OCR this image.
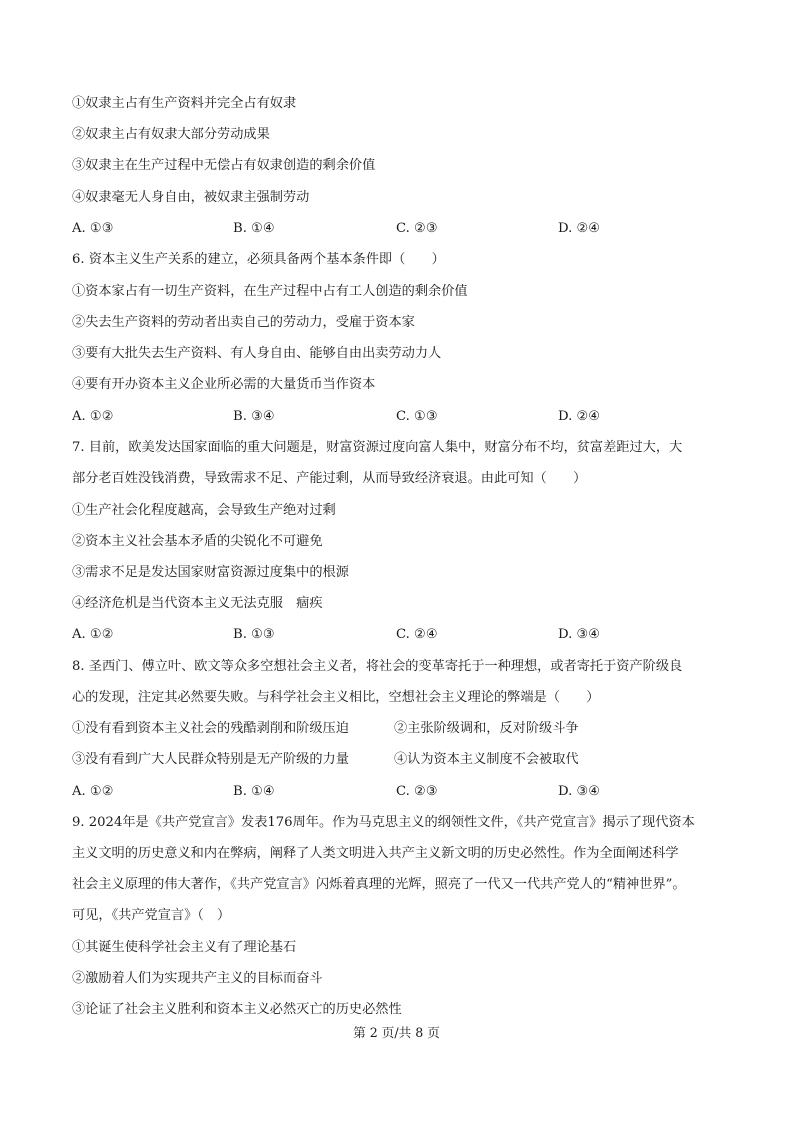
①奴隶主占有生产资料并完全占有奴隶
②奴隶主占有奴隶大部分劳动成果
③奴隶主在生产过程中无偿占有奴隶创造的剩余价值
④奴隶毫无人身自由，被奴隶主强制劳动
A. ①③	B. ①④	C. ②③	D. ②④
6. 资本主义生产关系的建立，必须具备两个基本条件即（　　）
①资本家占有一切生产资料，在生产过程中占有工人创造的剩余价值
②失去生产资料的劳动者出卖自己的劳动力，受雇于资本家
③要有大批失去生产资料、有人身自由、能够自由出卖劳动力人
④要有开办资本主义企业所必需的大量货币当作资本
A. ①②	B. ③④	C. ①③	D. ②④
7. 目前，欧美发达国家面临的重大问题是，财富资源过度向富人集中，财富分布不均，贫富差距过大，大
部分老百姓没钱消费，导致需求不足、产能过剩，从而导致经济衰退。由此可知（　　）
①生产社会化程度越高，会导致生产绝对过剩
②资本主义社会基本矛盾的尖锐化不可避免
③需求不足是发达国家财富资源过度集中的根源
④经济危机是当代资本主义无法克服　痼疾
A. ①②	B. ①③	C. ②④	D. ③④
8. 圣西门、傅立叶、欧文等众多空想社会主义者，将社会的变革寄托于一种理想，或者寄托于资产阶级良
心的发现，注定其必然要失败。与科学社会主义相比，空想社会主义理论的弊端是（　　）
①没有看到资本主义社会的残酷剥削和阶级压迫	②主张阶级调和，反对阶级斗争
③没有看到广大人民群众特别是无产阶级的力量	④认为资本主义制度不会被取代
A. ①②	B. ①④	C. ②③	D. ③④
9. 2024年是《共产党宣言》发表176周年。作为马克思主义的纲领性文件，《共产党宣言》揭示了现代资本
主义文明的历史意义和内在弊病，阐释了人类文明进入共产主义新文明的历史必然性。作为全面阐述科学
社会主义原理的伟大著作，《共产党宣言》闪烁着真理的光辉，照亮了一代又一代共产党人的“精神世界”。
可见，《共产党宣言》（　）
①其诞生使科学社会主义有了理论基石
②激励着人们为实现共产主义的目标而奋斗
③论证了社会主义胜利和资本主义必然灭亡的历史必然性
第 2 页/共 8 页
